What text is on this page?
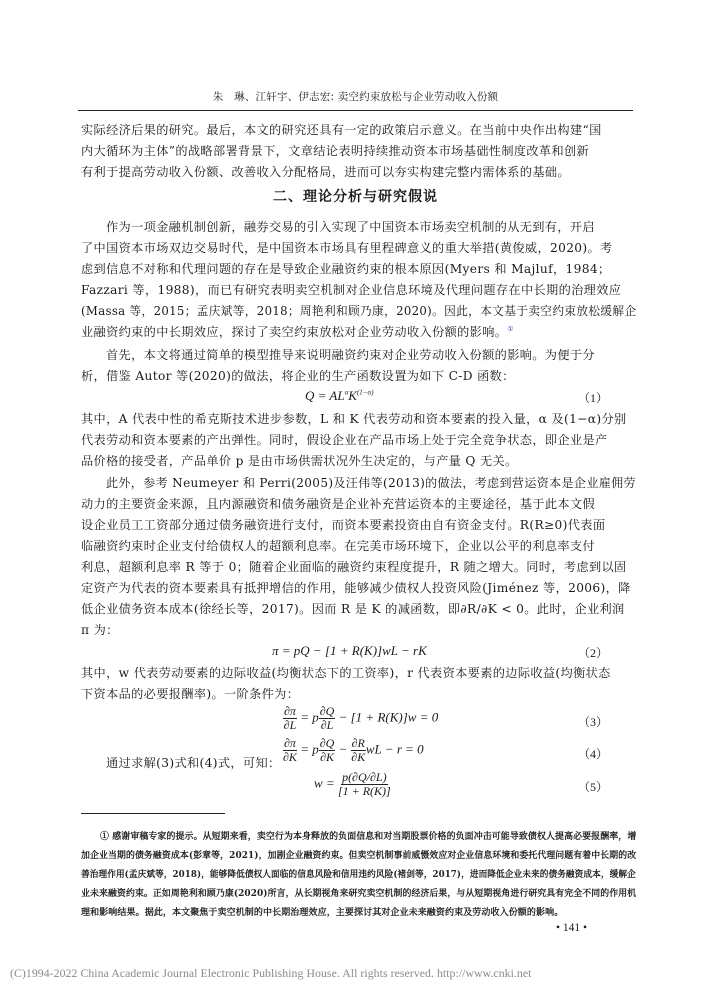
朱　琳、江轩宇、伊志宏: 卖空约束放松与企业劳动收入份额
实际经济后果的研究。最后，本文的研究还具有一定的政策启示意义。在当前中央作出构建“国
内大循环为主体”的战略部署背景下，文章结论表明持续推动资本市场基础性制度改革和创新
有利于提高劳动收入份额、改善收入分配格局，进而可以夯实构建完整内需体系的基础。
二、理论分析与研究假说
作为一项金融机制创新，融券交易的引入实现了中国资本市场卖空机制的从无到有，开启
了中国资本市场双边交易时代，是中国资本市场具有里程碑意义的重大举措(黄俊威，2020)。考
虑到信息不对称和代理问题的存在是导致企业融资约束的根本原因(Myers 和 Majluf，1984；
Fazzari 等，1988)，而已有研究表明卖空机制对企业信息环境及代理问题存在中长期的治理效应
(Massa 等，2015；孟庆斌等，2018；周艳利和顾乃康，2020)。因此，本文基于卖空约束放松缓解企
业融资约束的中长期效应，探讨了卖空约束放松对企业劳动收入份额的影响。①
首先，本文将通过简单的模型推导来说明融资约束对企业劳动收入份额的影响。为便于分
析，借鉴 Autor 等(2020)的做法，将企业的生产函数设置为如下 C-D 函数：
$Q = AL^\alpha K^{(1-\alpha)}$	（1）
其中，A 代表中性的希克斯技术进步参数，L 和 K 代表劳动和资本要素的投入量，α 及(1−α)分别
代表劳动和资本要素的产出弹性。同时，假设企业在产品市场上处于完全竞争状态，即企业是产
品价格的接受者，产品单价 p 是由市场供需状况外生决定的，与产量 Q 无关。
此外，参考 Neumeyer 和 Perri(2005)及汪伟等(2013)的做法，考虑到营运资本是企业雇佣劳
动力的主要资金来源，且内源融资和债务融资是企业补充营运资本的主要途径，基于此本文假
设企业员工工资部分通过债务融资进行支付，而资本要素投资由自有资金支付。R(R≥0)代表面
临融资约束时企业支付给债权人的超额利息率。在完美市场环境下，企业以公平的利息率支付
利息，超额利息率 R 等于 0；随着企业面临的融资约束程度提升，R 随之增大。同时，考虑到以固
定资产为代表的资本要素具有抵押增信的作用，能够减少债权人投资风险(Jiménez 等，2006)，降
低企业债务资本成本(徐经长等，2017)。因而 R 是 K 的减函数，即∂R/∂K < 0。此时，企业利润
π 为：
π = pQ − [1 + R(K)]wL − rK	（2）
其中，w 代表劳动要素的边际收益(均衡状态下的工资率)，r 代表资本要素的边际收益(均衡状态
下资本品的必要报酬率)。一阶条件为：
$\frac{\partial\pi}{\partial L} = p \frac{\partial Q}{\partial L} - [1 + R(K)]w = 0$	（3）
$\frac{\partial\pi}{\partial K} = p \frac{\partial Q}{\partial K} - \frac{\partial R}{\partial K}$ wL − r = 0	（4）
通过求解(3)式和(4)式，可知：
$w = \frac{p(\partial Q/\partial L)}{[1 + R(K)]}$	（5）
① 感谢审稿专家的提示。从短期来看，卖空行为本身释放的负面信息和对当期股票价格的负面冲击可能导致债权人提高必要报酬率，增
加企业当期的债务融资成本(彭章等，2021)，加剧企业融资约束。但卖空机制事前威慑效应对企业信息环境和委托代理问题有着中长期的改
善治理作用(孟庆斌等，2018)，能够降低债权人面临的信息风险和信用违约风险(褚剑等，2017)，进而降低企业未来的债务融资成本，缓解企
业未来融资约束。正如周艳利和顾乃康(2020)所言，从长期视角来研究卖空机制的经济后果，与从短期视角进行研究具有完全不同的作用机
理和影响结果。据此，本文聚焦于卖空机制的中长期治理效应，主要探讨其对企业未来融资约束及劳动收入份额的影响。
• 141 •
(C)1994-2022 China Academic Journal Electronic Publishing House. All rights reserved. http://www.cnki.net
